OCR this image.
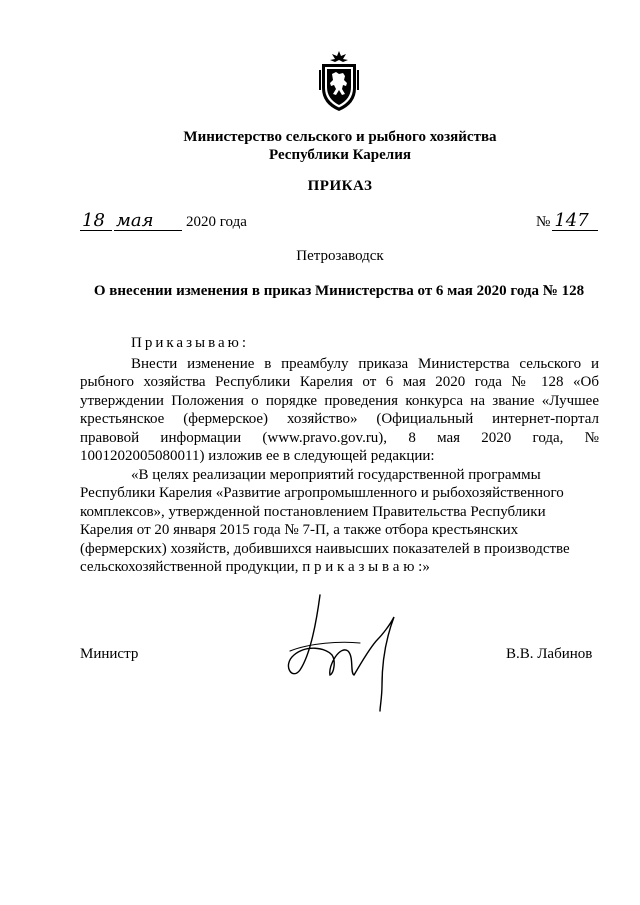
Министерство сельского и рыбного хозяйства
Республики Карелия
ПРИКАЗ
18 мая 2020 года	№ 147
Петрозаводск
О внесении изменения в приказ Министерства от 6 мая 2020 года № 128
Приказываю:

Внести изменение в преамбулу приказа Министерства сельского и рыбного хозяйства Республики Карелия от 6 мая 2020 года № 128 «Об утверждении Положения о порядке проведения конкурса на звание «Лучшее крестьянское (фермерское) хозяйство» (Официальный интернет-портал правовой информации (www.pravo.gov.ru), 8 мая 2020 года, № 1001202005080011) изложив ее в следующей редакции:

«В целях реализации мероприятий государственной программы Республики Карелия «Развитие агропромышленного и рыбохозяйственного комплексов», утвержденной постановлением Правительства Республики Карелия от 20 января 2015 года № 7-П, а также отбора крестьянских (фермерских) хозяйств, добившихся наивысших показателей в производстве сельскохозяйственной продукции, п р и к а з ы в а ю :»

Министр	В.В. Лабинов
